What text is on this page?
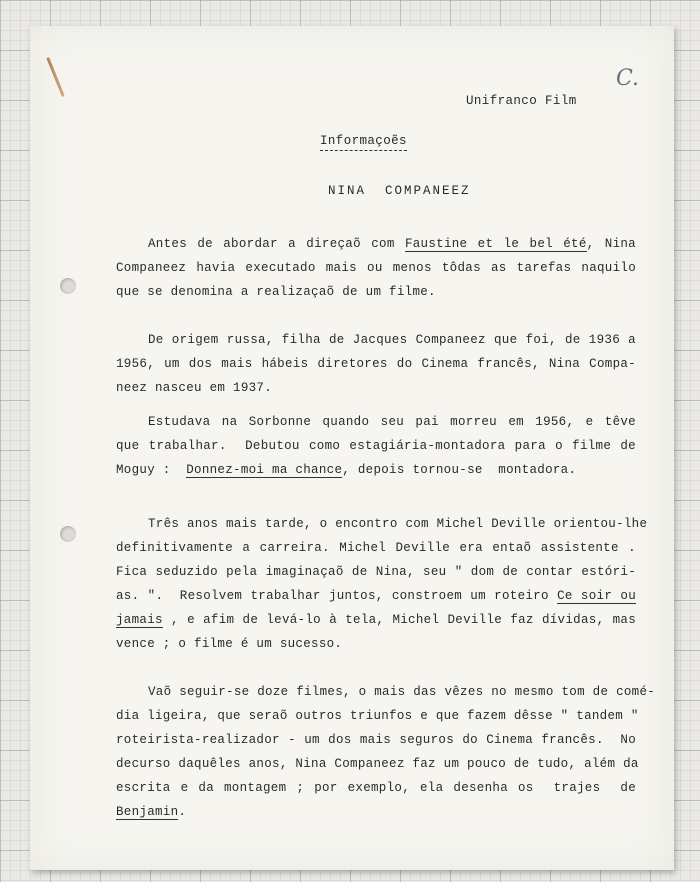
C.
Unifranco Film
Informaçoẽs
NINA  COMPANEEZ
Antes de abordar a direçaõ com Faustine et le bel été, Nina
Companeez havia executado mais ou menos tôdas as tarefas naquilo
que se denomina a realizaçaõ de um filme.
De origem russa, filha de Jacques Companeez que foi, de 1936 a
1956, um dos mais hábeis diretores do Cinema francês, Nina Compa-
neez nasceu em 1937.
Estudava na Sorbonne quando seu pai morreu em 1956, e têve
que trabalhar.  Debutou como estagiária-montadora para o filme de
Moguy :  Donnez-moi ma chance, depois tornou-se  montadora.
Três anos mais tarde, o encontro com Michel Deville orientou-lhe
definitivamente a carreira. Michel Deville era entaõ assistente .
Fica seduzido pela imaginaçaõ de Nina, seu " dom de contar estóri-
as. ".  Resolvem trabalhar juntos, constroem um roteiro Ce soir ou
jamais , e afim de levá-lo à tela, Michel Deville faz dívidas, mas
vence ; o filme é um sucesso.
Vaõ seguir-se doze filmes, o mais das vêzes no mesmo tom de comé-
dia ligeira, que seraõ outros triunfos e que fazem dêsse " tandem "
roteirista-realizador - um dos mais seguros do Cinema francês.  No
decurso daquêles anos, Nina Companeez faz um pouco de tudo, além da
escrita e da montagem ; por exemplo, ela desenha os  trajes  de
Benjamin.
